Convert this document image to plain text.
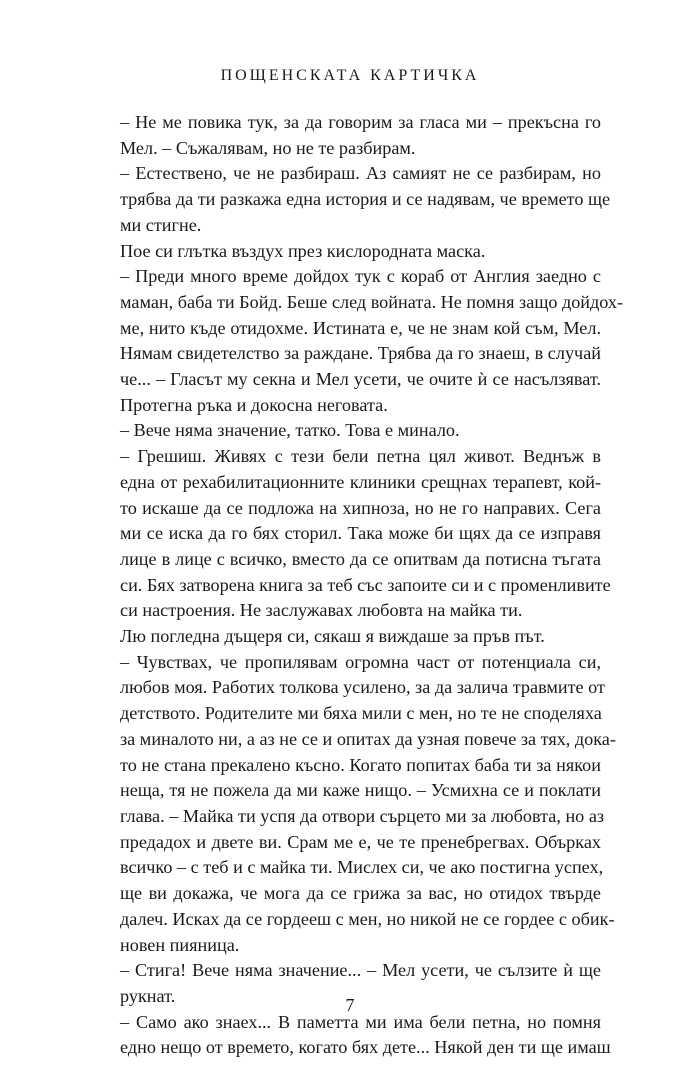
ПОЩЕНСКАТА КАРТИЧКА
– Не ме повика тук, за да говорим за гласа ми – прекъсна го
Мел. – Съжалявам, но не те разбирам.
– Естествено, че не разбираш. Аз самият не се разбирам, но
трябва да ти разкажа една история и се надявам, че времето ще
ми стигне.
Пое си глътка въздух през кислородната маска.
– Преди много време дойдох тук с кораб от Англия заедно с
маман, баба ти Бойд. Беше след войната. Не помня защо дойдох-
ме, нито къде отидохме. Истината е, че не знам кой съм, Мел.
Нямам свидетелство за раждане. Трябва да го знаеш, в случай
че... – Гласът му секна и Мел усети, че очите ѝ се насълзяват.
Протегна ръка и докосна неговата.
– Вече няма значение, татко. Това е минало.
– Грешиш. Живях с тези бели петна цял живот. Веднъж в
една от рехабилитационните клиники срещнах терапевт, кой-
то искаше да се подложа на хипноза, но не го направих. Сега
ми се иска да го бях сторил. Така може би щях да се изправя
лице в лице с всичко, вместо да се опитвам да потисна тъгата
си. Бях затворена книга за теб със запоите си и с променливите
си настроения. Не заслужавах любовта на майка ти.
Лю погледна дъщеря си, сякаш я виждаше за пръв път.
– Чувствах, че пропилявам огромна част от потенциала си,
любов моя. Работих толкова усилено, за да залича травмите от
детството. Родителите ми бяха мили с мен, но те не споделяха
за миналото ни, а аз не се и опитах да узная повече за тях, дока-
то не стана прекалено късно. Когато попитах баба ти за някои
неща, тя не пожела да ми каже нищо. – Усмихна се и поклати
глава. – Майка ти успя да отвори сърцето ми за любовта, но аз
предадох и двете ви. Срам ме е, че те пренебрегвах. Обърках
всичко – с теб и с майка ти. Мислех си, че ако постигна успех,
ще ви докажа, че мога да се грижа за вас, но отидох твърде
далеч. Исках да се гордееш с мен, но никой не се гордее с обик-
новен пияница.
– Стига! Вече няма значение... – Мел усети, че сълзите ѝ ще
рукнат.
– Само ако знаех... В паметта ми има бели петна, но помня
едно нещо от времето, когато бях дете... Някой ден ти ще имаш
7
